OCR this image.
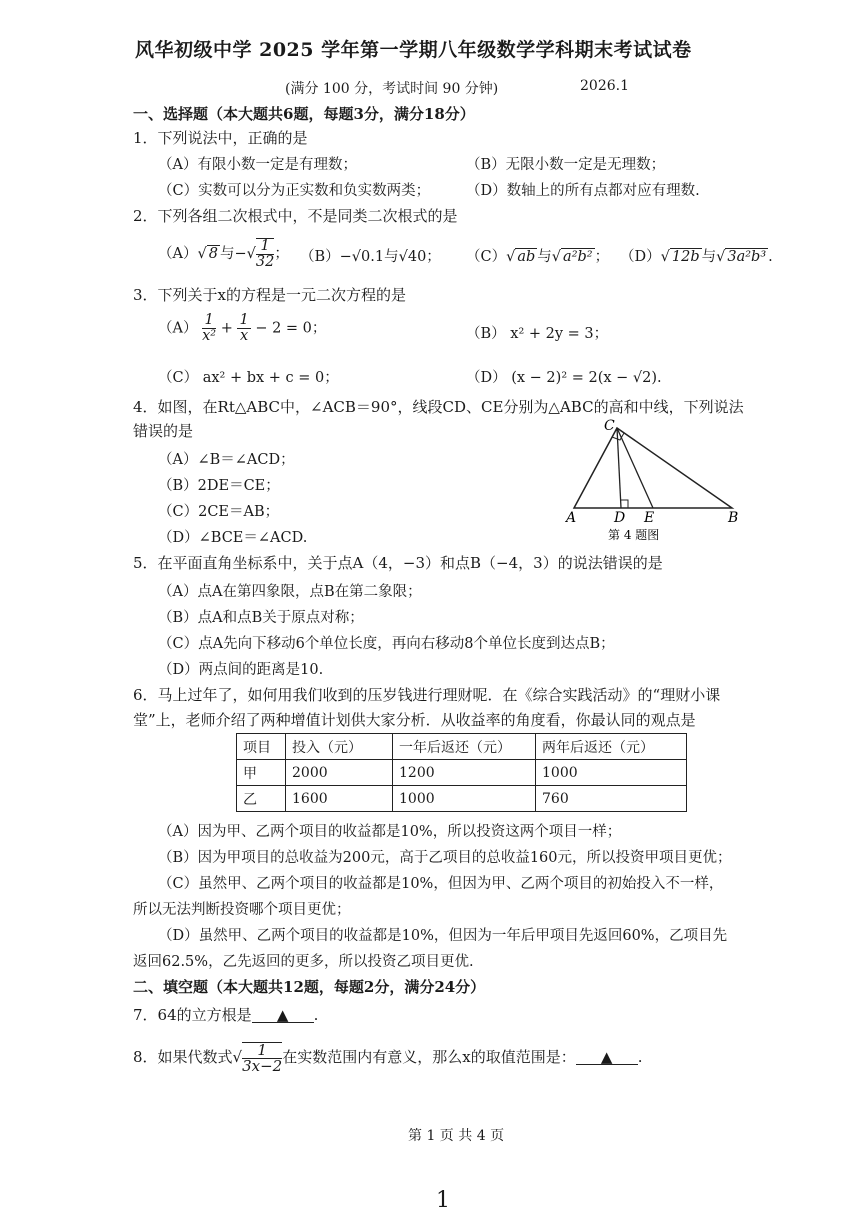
风华初级中学 2025 学年第一学期八年级数学学科期末考试试卷
(满分 100 分，考试时间 90 分钟)	2026.1
一、选择题（本大题共6题，每题3分，满分18分）
1．下列说法中，正确的是
（A）有限小数一定是有理数；	（B）无限小数一定是无理数；
（C）实数可以分为正实数和负实数两类； （D）数轴上的所有点都对应有理数.
2．下列各组二次根式中，不是同类二次根式的是
（A）√ 8 与−√ $\frac{1}{32}$ ； （B）−√0.1与√40； （C）√ ab 与√ a²b² ； （D）√ 12b 与√ 3a²b³ .
3．下列关于x的方程是一元二次方程的是
$(A) \frac{1}{\text{x²}} + \frac{1}{x} - 2 = 0$；	（B） x² + 2y = 3；
（C） ax² + bx + c = 0；	（D） (x − 2)² = 2(x − √2).
4．如图，在Rt△ABC中，∠ACB＝90°，线段CD、CE分别为△ABC的高和中线，下列说法
错误的是
（A）∠B＝∠ACD；
（B）2DE＝CE；
（C）2CE＝AB；
（D）∠BCE＝∠ACD.
C
A	D E	B
第 4 题图
5．在平面直角坐标系中，关于点A（4，−3）和点B（−4，3）的说法错误的是
（A）点A在第四象限，点B在第二象限；
（B）点A和点B关于原点对称；
（C）点A先向下移动6个单位长度，再向右移动8个单位长度到达点B；
（D）两点间的距离是10.
6．马上过年了，如何用我们收到的压岁钱进行理财呢．在《综合实践活动》的“理财小课
堂”上，老师介绍了两种增值计划供大家分析．从收益率的角度看，你最认同的观点是
项目	投入（元）	一年后返还（元）	两年后返还（元）
甲	2000	1200	1000
乙	1600	1000	760
（A）因为甲、乙两个项目的收益都是10%，所以投资这两个项目一样；
（B）因为甲项目的总收益为200元，高于乙项目的总收益160元，所以投资甲项目更优；
（C）虽然甲、乙两个项目的收益都是10%，但因为甲、乙两个项目的初始投入不一样，
所以无法判断投资哪个项目更优；
（D）虽然甲、乙两个项目的收益都是10%，但因为一年后甲项目先返回60%，乙项目先
返回62.5%，乙先返回的更多，所以投资乙项目更优.
二、填空题（本大题共12题，每题2分，满分24分）
7．64的立方根是 ▲ .
8．如果代数式√ $\frac{1}{3x-2}$ 在实数范围内有意义，那么x的取值范围是： ▲ .
第 1 页 共 4 页
1
